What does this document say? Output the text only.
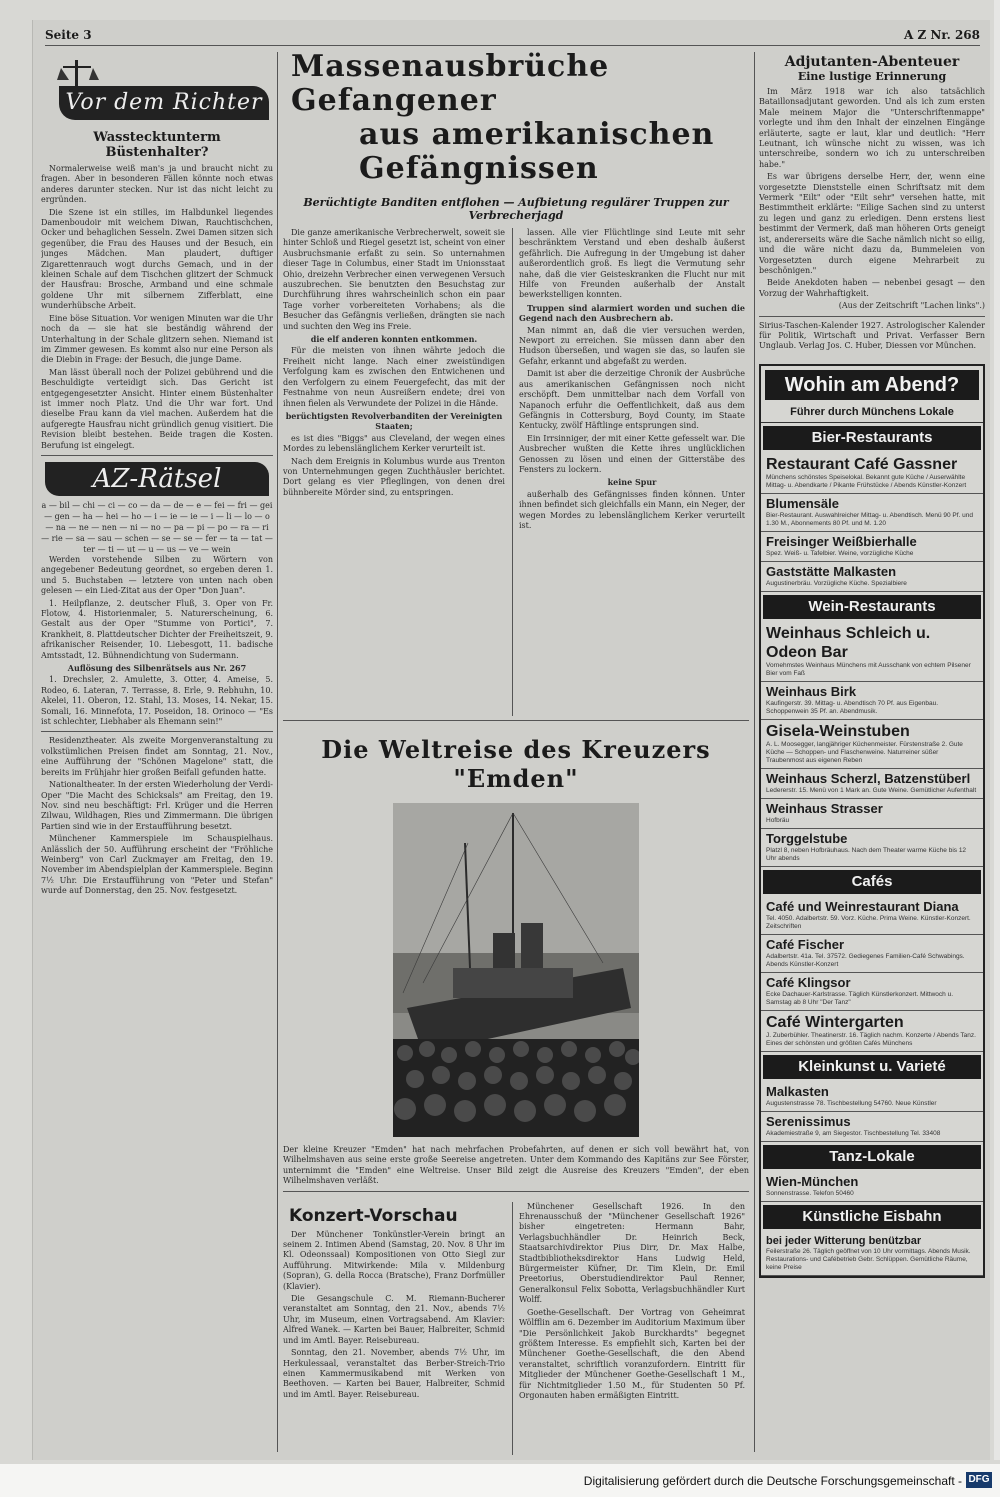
Seite 3	A Z Nr. 268
Vor dem Richter
Wasstecktunterm Büstenhalter?

Normalerweise weiß man's ja und braucht nicht zu fragen. Aber in besonderen Fällen könnte noch etwas anderes darunter stecken. Nur ist das nicht leicht zu ergründen.

Die Szene ist ein stilles, im Halbdunkel liegendes Damenboudoir mit weichem Diwan, Rauchtischchen, Ocker und behaglichen Sesseln. Zwei Damen sitzen sich gegenüber, die Frau des Hauses und der Besuch, ein junges Mädchen. Man plaudert, duftiger Zigarettenrauch wogt durchs Gemach, und in der kleinen Schale auf dem Tischchen glitzert der Schmuck der Hausfrau: Brosche, Armband und eine schmale goldene Uhr mit silbernem Zifferblatt, eine wunderhübsche Arbeit.

Eine böse Situation. Vor wenigen Minuten war die Uhr noch da — sie hat sie beständig während der Unterhaltung in der Schale glitzern sehen. Niemand ist im Zimmer gewesen. Es kommt also nur eine Person als die Diebin in Frage: der Besuch, die junge Dame.

Man lässt überall noch der Polizei gebührend und die Beschuldigte verteidigt sich. Das Gericht ist entgegengesetzter Ansicht. Hinter einem Büstenhalter ist immer noch Platz. Und die Uhr war fort. Und dieselbe Frau kann da viel machen. Außerdem hat die aufgeregte Hausfrau nicht gründlich genug visitiert. Die Revision bleibt bestehen. Beide tragen die Kosten. Berufung ist eingelegt.

AZ-Rätsel
a — bil — chi — ci — co — da — de — e — fei — fri — gei — gen — ha — hei — ho — i — ie — ie — i — li — lo — o — na — ne — nen — ni — no — pa — pi — po — ra — ri — rie — sa — sau — schen — se — se — fer — ta — tat — ter — ti — ut — u — us — ve — wein

Werden vorstehende Silben zu Wörtern von angegebener Bedeutung geordnet, so ergeben deren 1. und 5. Buchstaben — letztere von unten nach oben gelesen — ein Lied-Zitat aus der Oper "Don Juan".

1. Heilpflanze, 2. deutscher Fluß, 3. Oper von Fr. Flotow, 4. Historienmaler, 5. Naturerscheinung, 6. Gestalt aus der Oper "Stumme von Portici", 7. Krankheit, 8. Plattdeutscher Dichter der Freiheitszeit, 9. afrikanischer Reisender, 10. Liebesgott, 11. badische Amtsstadt, 12. Bühnendichtung von Sudermann.

Auflösung des Silbenrätsels aus Nr. 267

1. Drechsler, 2. Amulette, 3. Otter, 4. Ameise, 5. Rodeo, 6. Lateran, 7. Terrasse, 8. Erle, 9. Rebhuhn, 10. Akelei, 11. Oberon, 12. Stahl, 13. Moses, 14. Nekar, 15. Somali, 16. Minnefota, 17. Poseidon, 18. Orinoco — "Es ist schlechter, Liebhaber als Ehemann sein!"

Residenztheater. Als zweite Morgenveranstaltung zu volkstümlichen Preisen findet am Sonntag, 21. Nov., eine Aufführung der "Schönen Magelone" statt, die bereits im Frühjahr hier großen Beifall gefunden hatte.

Nationaltheater. In der ersten Wiederholung der Verdi-Oper "Die Macht des Schicksals" am Freitag, den 19. Nov. sind neu beschäftigt: Frl. Krüger und die Herren Zilwau, Wildhagen, Ries und Zimmermann. Die übrigen Partien sind wie in der Erstaufführung besetzt.

Münchener Kammerspiele im Schauspielhaus. Anlässlich der 50. Aufführung erscheint der "Fröhliche Weinberg" von Carl Zuckmayer am Freitag, den 19. November im Abendspielplan der Kammerspiele. Beginn 7½ Uhr. Die Erstaufführung von "Peter und Stefan" wurde auf Donnerstag, den 25. Nov. festgesetzt.

Massenausbrüche Gefangener
aus amerikanischen Gefängnissen
Berüchtigte Banditen entflohen — Aufbietung regulärer Truppen zur Verbrecherjagd

Die ganze amerikanische Verbrecherwelt, soweit sie hinter Schloß und Riegel gesetzt ist, scheint von einer Ausbruchsmanie erfaßt zu sein. So unternahmen dieser Tage in Columbus, einer Stadt im Unionsstaat Ohio, dreizehn Verbrecher einen verwegenen Versuch auszubrechen. Sie benutzten den Besuchstag zur Durchführung ihres wahrscheinlich schon ein paar Tage vorher vorbereiteten Vorhabens; als die Besucher das Gefängnis verließen, drängten sie nach und suchten den Weg ins Freie.

die elf anderen konnten entkommen.

Für die meisten von ihnen währte jedoch die Freiheit nicht lange. Nach einer zweistündigen Verfolgung kam es zwischen den Entwichenen und den Verfolgern zu einem Feuergefecht, das mit der Festnahme von neun Ausreißern endete; drei von ihnen fielen als Verwundete der Polizei in die Hände.

berüchtigsten Revolverbanditen der Vereinigten Staaten;

es ist dies "Biggs" aus Cleveland, der wegen eines Mordes zu lebenslänglichem Kerker verurteilt ist.

Nach dem Ereignis in Kolumbus wurde aus Trenton von Unternehmungen gegen Zuchthäusler berichtet. Dort gelang es vier Pfleglingen, von denen drei bühnbereite Mörder sind, zu entspringen.

lassen. Alle vier Flüchtlinge sind Leute mit sehr beschränktem Verstand und eben deshalb äußerst gefährlich. Die Aufregung in der Umgebung ist daher außerordentlich groß. Es liegt die Vermutung sehr nahe, daß die vier Geisteskranken die Flucht nur mit Hilfe von Freunden außerhalb der Anstalt bewerkstelligen konnten.

Truppen sind alarmiert worden und suchen die Gegend nach den Ausbrechern ab.

Man nimmt an, daß die vier versuchen werden, Newport zu erreichen. Sie müssen dann aber den Hudson überseßen, und wagen sie das, so laufen sie Gefahr, erkannt und abgefaßt zu werden.

Damit ist aber die derzeitige Chronik der Ausbrüche aus amerikanischen Gefängnissen noch nicht erschöpft. Dem unmittelbar nach dem Vorfall von Napanoch erfuhr die Oeffentlichkeit, daß aus dem Gefängnis in Cottersburg, Boyd County, im Staate Kentucky, zwölf Häftlinge entsprungen sind.

Ein Irrsinniger, der mit einer Kette gefesselt war. Die Ausbrecher wußten die Kette ihres unglücklichen Genossen zu lösen und einen der Gitterstäbe des Fensters zu lockern.

keine Spur

außerhalb des Gefängnisses finden können. Unter ihnen befindet sich gleichfalls ein Mann, ein Neger, der wegen Mordes zu lebenslänglichem Kerker verurteilt ist.

Die Weltreise des Kreuzers "Emden"
Der kleine Kreuzer "Emden" hat nach mehrfachen Probefahrten, auf denen er sich voll bewährt hat, von Wilhelmshaven aus seine erste große Seereise angetreten. Unter dem Kommando des Kapitäns zur See Förster, unternimmt die "Emden" eine Weltreise. Unser Bild zeigt die Ausreise des Kreuzers "Emden", der eben Wilhelmshaven verläßt.
Konzert-Vorschau

Der Münchener Tonkünstler-Verein bringt an seinem 2. Intimen Abend (Samstag, 20. Nov. 8 Uhr im Kl. Odeonssaal) Kompositionen von Otto Siegl zur Aufführung. Mitwirkende: Mila v. Mildenburg (Sopran), G. della Rocca (Bratsche), Franz Dorfmüller (Klavier).

Die Gesangschule C. M. Riemann-Bucherer veranstaltet am Sonntag, den 21. Nov., abends 7½ Uhr, im Museum, einen Vortragsabend. Am Klavier: Alfred Wanek. — Karten bei Bauer, Halbreiter, Schmid und im Amtl. Bayer. Reisebureau.

Sonntag, den 21. November, abends 7½ Uhr, im Herkulessaal, veranstaltet das Berber-Streich-Trio einen Kammermusikabend mit Werken von Beethoven. — Karten bei Bauer, Halbreiter, Schmid und im Amtl. Bayer. Reisebureau.

Münchener Gesellschaft 1926. In den Ehrenausschuß der "Münchener Gesellschaft 1926" bisher eingetreten: Hermann Bahr, Verlagsbuchhändler Dr. Heinrich Beck, Staatsarchivdirektor Pius Dirr, Dr. Max Halbe, Stadtbibliotheksdirektor Hans Ludwig Held, Bürgermeister Küfner, Dr. Tim Klein, Dr. Emil Preetorius, Oberstudiendirektor Paul Renner, Generalkonsul Felix Sobotta, Verlagsbuchhändler Kurt Wolff.

Goethe-Gesellschaft. Der Vortrag von Geheimrat Wölfflin am 6. Dezember im Auditorium Maximum über "Die Persönlichkeit Jakob Burckhardts" begegnet größtem Interesse. Es empfiehlt sich, Karten bei der Münchener Goethe-Gesellschaft, die den Abend veranstaltet, schriftlich voranzufordern. Eintritt für Mitglieder der Münchener Goethe-Gesellschaft 1 M., für Nichtmitglieder 1.50 M., für Studenten 50 Pf. Orgonauten haben ermäßigten Eintritt.

Adjutanten-Abenteuer
Eine lustige Erinnerung

Im März 1918 war ich also tatsächlich Bataillonsadjutant geworden. Und als ich zum ersten Male meinem Major die "Unterschriftenmappe" vorlegte und ihm den Inhalt der einzelnen Eingänge erläuterte, sagte er laut, klar und deutlich: "Herr Leutnant, ich wünsche nicht zu wissen, was ich unterschreibe, sondern wo ich zu unterschreiben habe."

Es war übrigens derselbe Herr, der, wenn eine vorgesetzte Dienststelle einen Schriftsatz mit dem Vermerk "Eilt" oder "Eilt sehr" versehen hatte, mit Bestimmtheit erklärte: "Eilige Sachen sind zu unterst zu legen und ganz zu erledigen. Denn erstens liest bestimmt der Vermerk, daß man höheren Orts geneigt ist, andererseits wäre die Sache nämlich nicht so eilig, und die wäre nicht dazu da, Bummeleien von Vorgesetzten durch eigene Mehrarbeit zu beschönigen."

Beide Anekdoten haben — nebenbei gesagt — den Vorzug der Wahrhaftigkeit.

(Aus der Zeitschrift "Lachen links".)

Sirius-Taschen-Kalender 1927. Astrologischer Kalender für Politik, Wirtschaft und Privat. Verfasser Bern Unglaub. Verlag Jos. C. Huber, Diessen vor München.
Wohin am Abend?
Führer durch Münchens Lokale
Bier-Restaurants
Restaurant Café Gassner
Münchens schönstes Speiselokal. Bekannt gute Küche / Auserwählte Mittag- u. Abendkarte / Pikante Frühstücke / Abends Künstler-Konzert
Blumensäle
Bier-Restaurant. Auswahlreicher Mittag- u. Abendtisch. Menü 90 Pf. und 1.30 M., Abonnements 80 Pf. und M. 1.20
Freisinger Weißbierhalle
Spez. Weiß- u. Tafelbier. Weine, vorzügliche Küche
Gaststätte Malkasten
Augustinerbräu. Vorzügliche Küche. Spezialbiere
Wein-Restaurants
Weinhaus Schleich u. Odeon Bar
Vornehmstes Weinhaus Münchens mit Ausschank von echtem Pilsener Bier vom Faß
Weinhaus Birk
Kaufingerstr. 39. Mittag- u. Abendtisch 70 Pf. aus Eigenbau. Schoppenwein 35 Pf. an. Abendmusik.
Gisela-Weinstuben
A. L. Moosegger, langjähriger Küchenmeister. Fürstenstraße 2. Gute Küche — Schoppen- und Flaschenweine. Naturreiner süßer Traubenmost aus eigenen Reben
Weinhaus Scherzl, Batzenstüberl
Ledererstr. 15. Menü von 1 Mark an. Gute Weine. Gemütlicher Aufenthalt
Weinhaus Strasser
Hofbräu
Torggelstube
Platzl 8, neben Hofbräuhaus. Nach dem Theater warme Küche bis 12 Uhr abends
Cafés
Café und Weinrestaurant Diana
Tel. 4050. Adalbertstr. 59. Vorz. Küche. Prima Weine. Künstler-Konzert. Zeitschriften
Café Fischer
Adalbertstr. 41a. Tel. 37572. Gediegenes Familien-Café Schwabings. Abends Künstler-Konzert
Café Klingsor
Ecke Dachauer-Karlstrasse. Täglich Künstlerkonzert. Mittwoch u. Samstag ab 8 Uhr "Der Tanz"
Café Wintergarten
J. Zuberbühler. Theatinerstr. 16. Täglich nachm. Konzerte / Abends Tanz. Eines der schönsten und größten Cafés Münchens
Kleinkunst u. Varieté
Malkasten
Augustenstrasse 78. Tischbestellung 54760. Neue Künstler
Serenissimus
Akademiestraße 9, am Siegestor. Tischbestellung Tel. 33408
Tanz-Lokale
Wien-München
Sonnenstrasse. Telefon 50460
Künstliche Eisbahn
bei jeder Witterung benützbar
Feilerstraße 26. Täglich geöffnet von 10 Uhr vormittags. Abends Musik. Restaurations- und Cafébetrieb Gebr. Schlüppen. Gemütliche Räume, keine Preise
Digitalisierung gefördert durch die Deutsche Forschungsgemeinschaft - DFG
